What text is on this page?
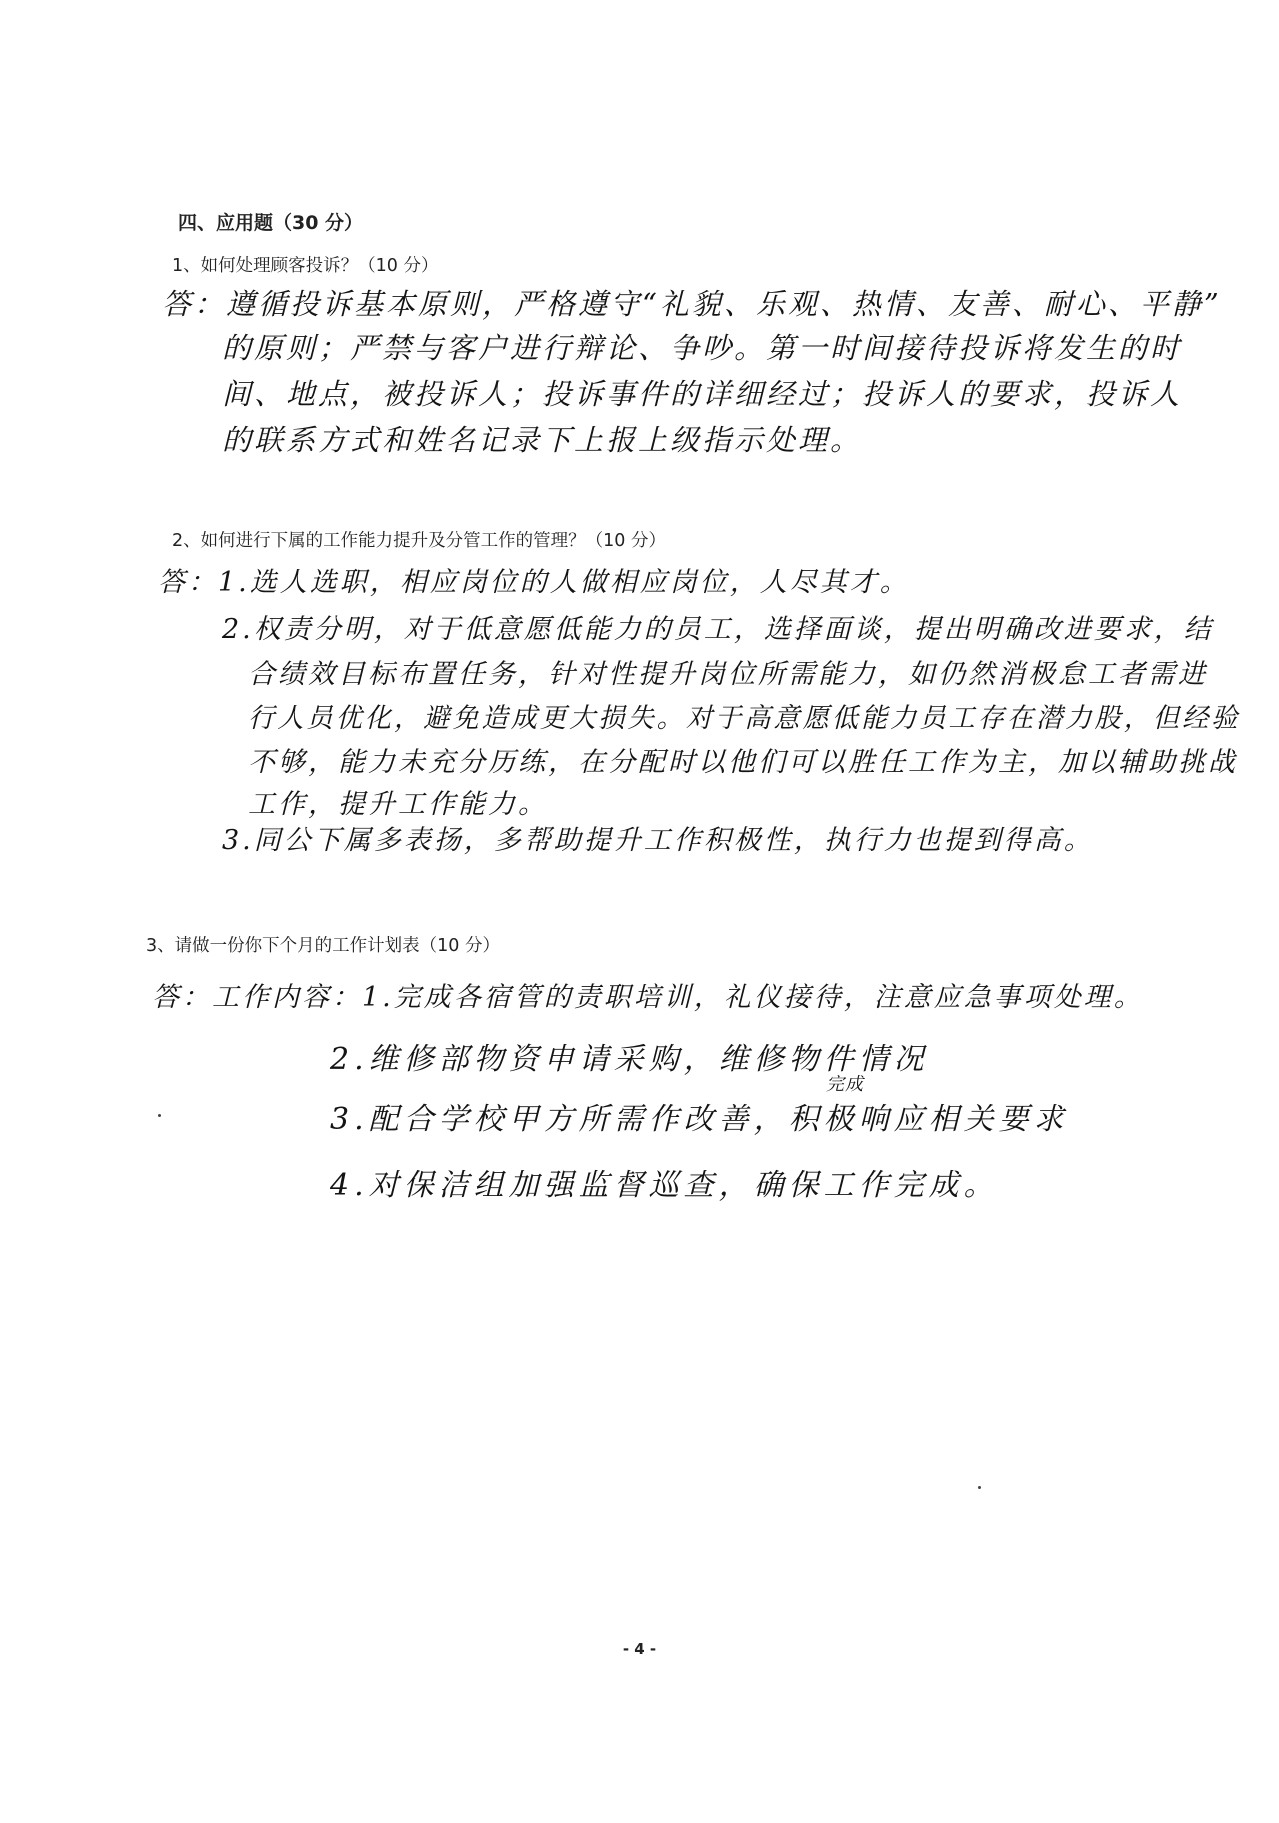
四、应用题（30 分）
1、如何处理顾客投诉？（10 分）
答：遵循投诉基本原则，严格遵守“礼貌、乐观、热情、友善、耐心、平静”
的原则；严禁与客户进行辩论、争吵。第一时间接待投诉将发生的时
间、地点，被投诉人；投诉事件的详细经过；投诉人的要求，投诉人
的联系方式和姓名记录下上报上级指示处理。
2、如何进行下属的工作能力提升及分管工作的管理？（10 分）
答：1.选人选职，相应岗位的人做相应岗位，人尽其才。
2.权责分明，对于低意愿低能力的员工，选择面谈，提出明确改进要求，结
合绩效目标布置任务，针对性提升岗位所需能力，如仍然消极怠工者需进
行人员优化，避免造成更大损失。对于高意愿低能力员工存在潜力股，但经验
不够，能力未充分历练，在分配时以他们可以胜任工作为主，加以辅助挑战
工作，提升工作能力。
3.同公下属多表扬，多帮助提升工作积极性，执行力也提到得高。
3、请做一份你下个月的工作计划表（10 分）
答：工作内容：1.完成各宿管的责职培训，礼仪接待，注意应急事项处理。
2.维修部物资申请采购，维修物件情况
完成
3.配合学校甲方所需作改善，积极响应相关要求
4.对保洁组加强监督巡查，确保工作完成。
- 4 -
